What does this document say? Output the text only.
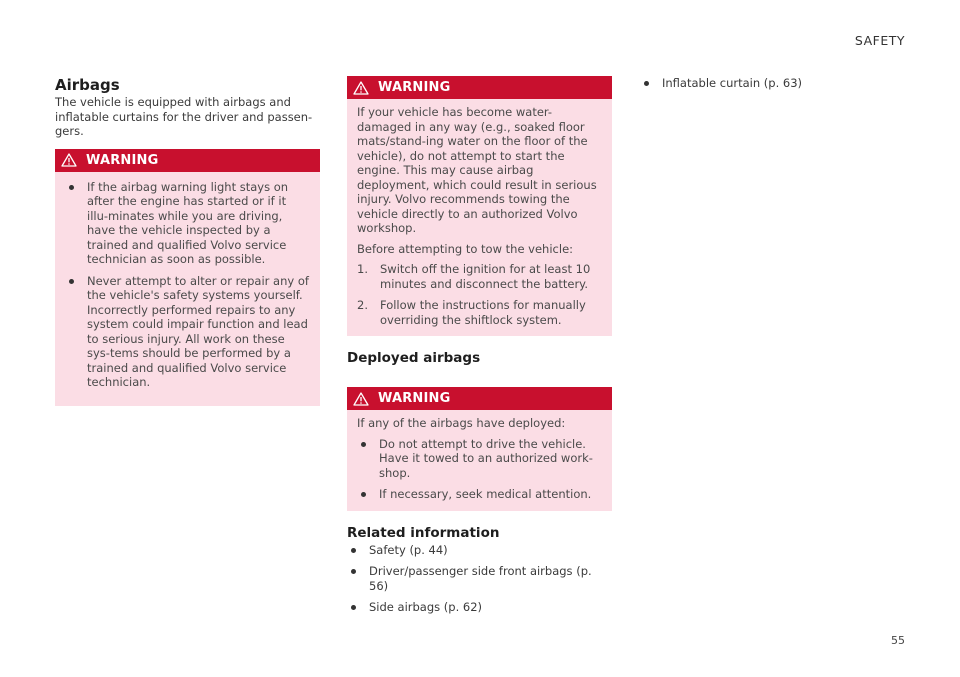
SAFETY
Airbags

The vehicle is equipped with airbags and inflatable curtains for the driver and passen-gers.

WARNING
If the airbag warning light stays on after the engine has started or if it illu-minates while you are driving, have the vehicle inspected by a trained and qualified Volvo service technician as soon as possible.
Never attempt to alter or repair any of the vehicle's safety systems yourself. Incorrectly performed repairs to any system could impair function and lead to serious injury. All work on these sys-tems should be performed by a trained and qualified Volvo service technician.
WARNING

If your vehicle has become water-damaged in any way (e.g., soaked floor mats/stand-ing water on the floor of the vehicle), do not attempt to start the engine. This may cause airbag deployment, which could result in serious injury. Volvo recommends towing the vehicle directly to an authorized Volvo workshop.

Before attempting to tow the vehicle:

1. Switch off the ignition for at least 10 minutes and disconnect the battery.
2. Follow the instructions for manually overriding the shiftlock system.
Deployed airbags
WARNING

If any of the airbags have deployed:

Do not attempt to drive the vehicle. Have it towed to an authorized work-shop.
If necessary, seek medical attention.
Related information
Safety (p. 44)
Driver/passenger side front airbags (p. 56)
Side airbags (p. 62)
Inflatable curtain (p. 63)
55
